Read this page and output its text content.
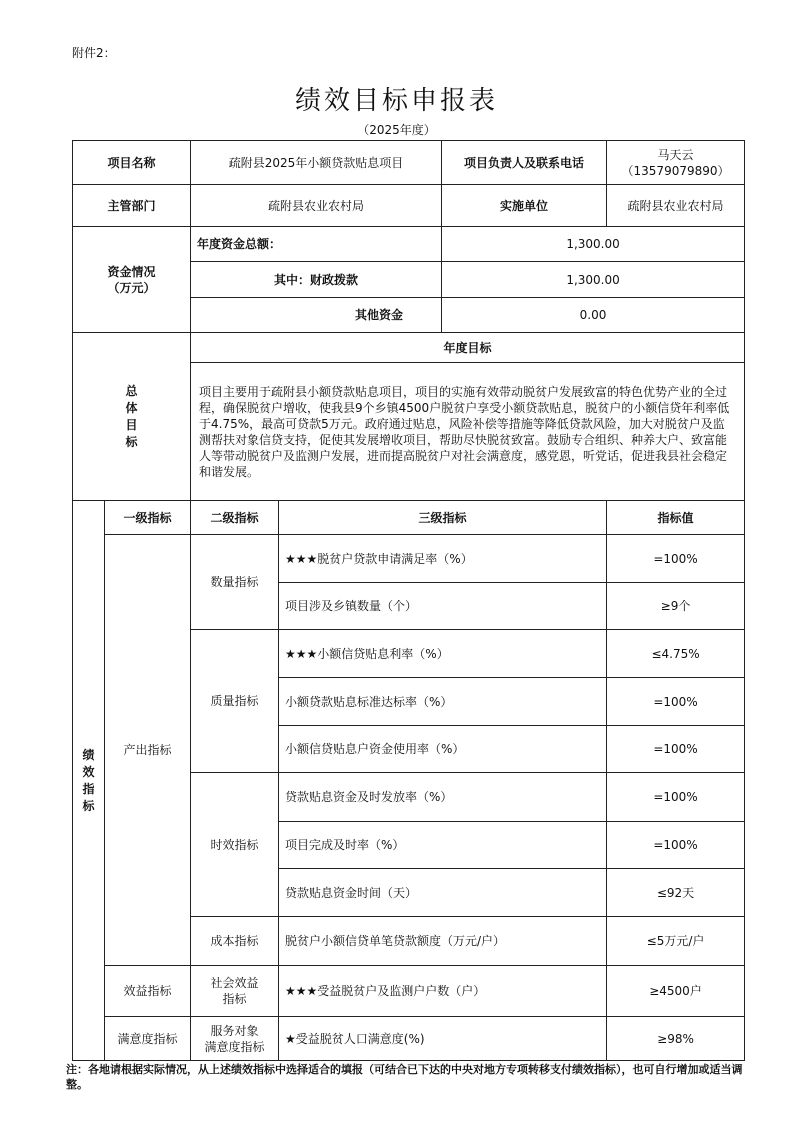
附件2：
绩效目标申报表
（2025年度）
项目名称		疏附县2025年小额贷款贴息项目		项目负责人及联系电话	马天云
（13579079890）

主管部门		疏附县农业农村局		实施单位	疏附县农业农村局

资金情况
（万元）		年度资金总额：		1,300.00	
		其中：财政拨款		1,300.00	
		其他资金		0.00	

总
体
目
标		年度目标			
		项目主要用于疏附县小额贷款贴息项目，项目的实施有效带动脱贫户发展致富的特色优势产业的全过程，确保脱贫户增收，使我县9个乡镇4500户脱贫户享受小额贷款贴息，脱贫户的小额信贷年利率低于4.75%，最高可贷款5万元。政府通过贴息，风险补偿等措施等降低贷款风险，加大对脱贫户及监测帮扶对象信贷支持，促使其发展增收项目，帮助尽快脱贫致富。鼓励专合组织、种养大户、致富能人等带动脱贫户及监测户发展，进而提高脱贫户对社会满意度，感党恩，听党话，促进我县社会稳定和谐发展。			

绩
效
指
标	一级指标	二级指标	三级指标		指标值
	产出指标	数量指标	★★★脱贫户贷款申请满足率（%）		=100%
			项目涉及乡镇数量（个）		≥9个
		质量指标	★★★小额信贷贴息利率（%）		≤4.75%
			小额贷款贴息标准达标率（%）		=100%
			小额信贷贴息户资金使用率（%）		=100%
		时效指标	贷款贴息资金及时发放率（%）		=100%
			项目完成及时率（%）		=100%
			贷款贴息资金时间（天）		≤92天
		成本指标	脱贫户小额信贷单笔贷款额度（万元/户）		≤5万元/户
	效益指标	社会效益
指标	★★★受益脱贫户及监测户户数（户）		≥4500户
	满意度指标	服务对象
满意度指标	★受益脱贫人口满意度(%)		≥98%
注：各地请根据实际情况，从上述绩效指标中选择适合的填报（可结合已下达的中央对地方专项转移支付绩效指标），也可自行增加或适当调整。
